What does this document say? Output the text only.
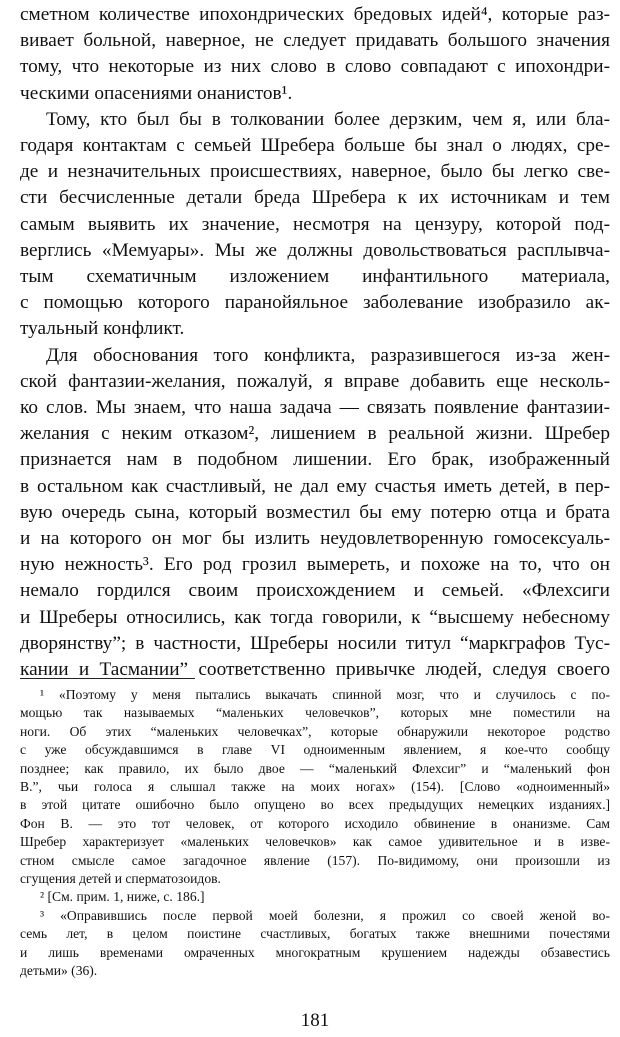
сметном количестве ипохондрических бредовых идей⁴, которые раз-
вивает больной, наверное, не следует придавать большого значения
тому, что некоторые из них слово в слово совпадают с ипохондри-
ческими опасениями онанистов¹.

Тому, кто был бы в толковании более дерзким, чем я, или бла-
годаря контактам с семьей Шребера больше бы знал о людях, сре-
де и незначительных происшествиях, наверное, было бы легко све-
сти бесчисленные детали бреда Шребера к их источникам и тем
самым выявить их значение, несмотря на цензуру, которой под-
верглись «Мемуары». Мы же должны довольствоваться расплывча-
тым схематичным изложением инфантильного материала,
с помощью которого паранойяльное заболевание изобразило ак-
туальный конфликт.

Для обоснования того конфликта, разразившегося из-за жен-
ской фантазии-желания, пожалуй, я вправе добавить еще несколь-
ко слов. Мы знаем, что наша задача — связать появление фантазии-
желания с неким отказом², лишением в реальной жизни. Шребер
признается нам в подобном лишении. Его брак, изображенный
в остальном как счастливый, не дал ему счастья иметь детей, в пер-
вую очередь сына, который возместил бы ему потерю отца и брата
и на которого он мог бы излить неудовлетворенную гомосексуаль-
ную нежность³. Его род грозил вымереть, и похоже на то, что он
немало гордился своим происхождением и семьей. «Флехсиги
и Шреберы относились, как тогда говорили, к “высшему небесному
дворянству”; в частности, Шреберы носили титул “маркграфов Тус-
кании и Тасмании” соответственно привычке людей, следуя своего

¹ «Поэтому у меня пытались выкачать спинной мозг, что и случилось с по-
мощью так называемых “маленьких человечков”, которых мне поместили на
ноги. Об этих “маленьких человечках”, которые обнаружили некоторое родство
с уже обсуждавшимся в главе VI одноименным явлением, я кое-что сообщу
позднее; как правило, их было двое — “маленький Флехсиг” и “маленький фон
В.”, чьи голоса я слышал также на моих ногах» (154). [Слово «одноименный»
в этой цитате ошибочно было опущено во всех предыдущих немецких изданиях.]
Фон В. — это тот человек, от которого исходило обвинение в онанизме. Сам
Шребер характеризует «маленьких человечков» как самое удивительное и в изве-
стном смысле самое загадочное явление (157). По-видимому, они произошли из
сгущения детей и сперматозоидов.
² [См. прим. 1, ниже, с. 186.]
³ «Оправившись после первой моей болезни, я прожил со своей женой во-
семь лет, в целом поистине счастливых, богатых также внешними почестями
и лишь временами омраченных многократным крушением надежды обзавестись
детьми» (36).
181
